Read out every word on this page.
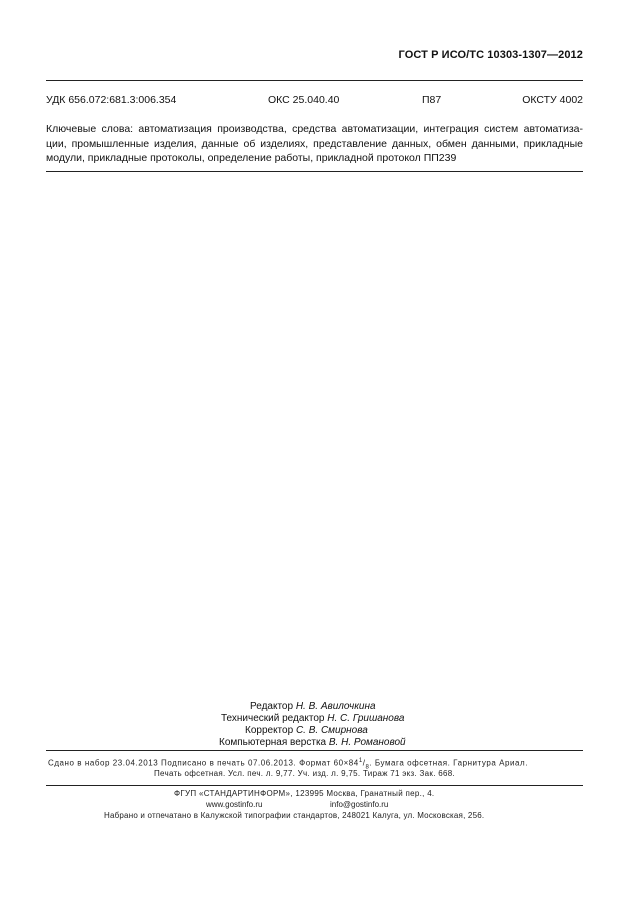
ГОСТ Р ИСО/ТС 10303-1307—2012
УДК 656.072:681.3:006.354	ОКС 25.040.40	П87	ОКСТУ 4002
Ключевые слова: автоматизация производства, средства автоматизации, интеграция систем автоматиза-ции, промышленные изделия, данные об изделиях, представление данных, обмен данными, прикладные модули, прикладные протоколы, определение работы, прикладной протокол ПП239
Редактор Н. В. Авилочкина
Технический редактор Н. С. Гришанова
Корректор С. В. Смирнова
Компьютерная верстка В. Н. Романовой
Сдано в набор 23.04.2013 Подписано в печать 07.06.2013. Формат $60\times 84^1/_8$. Бумага офсетная. Гарнитура Ариал.
Печать офсетная. Усл. печ. л. 9,77. Уч. изд. л. 9,75. Тираж 71 экз. Зак. 668.
ФГУП «СТАНДАРТИНФОРМ», 123995 Москва, Гранатный пер., 4.
www.gostinfo.ru	info@gostinfo.ru
Набрано и отпечатано в Калужской типографии стандартов, 248021 Калуга, ул. Московская, 256.
